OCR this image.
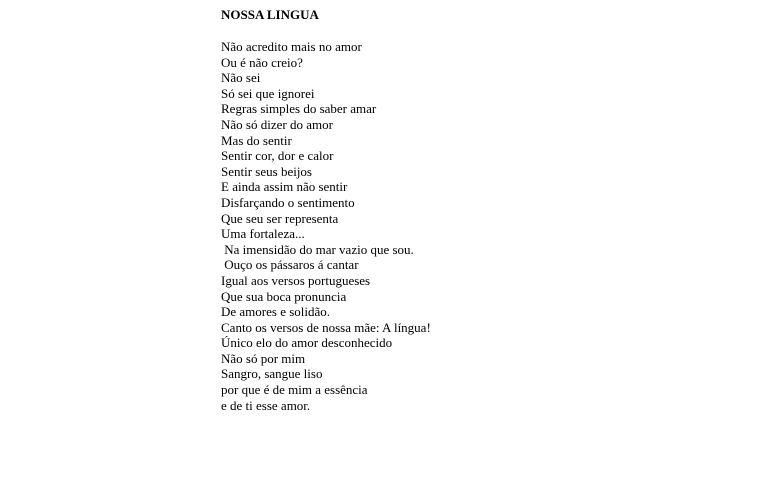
NOSSA LINGUA
Não acredito mais no amor
Ou é não creio?
Não sei
Só sei que ignorei
Regras simples do saber amar
Não só dizer do amor
Mas do sentir
Sentir cor, dor e calor
Sentir seus beijos
E ainda assim não sentir
Disfarçando o sentimento
Que seu ser representa
Uma fortaleza...
Na imensidão do mar vazio que sou.
Ouço os pássaros á cantar
Igual aos versos portugueses
Que sua boca pronuncia
De amores e solidão.
Canto os versos de nossa mãe: A língua!
Único elo do amor desconhecido
Não só por mim
Sangro, sangue liso
por que é de mim a essência
e de ti esse amor.
